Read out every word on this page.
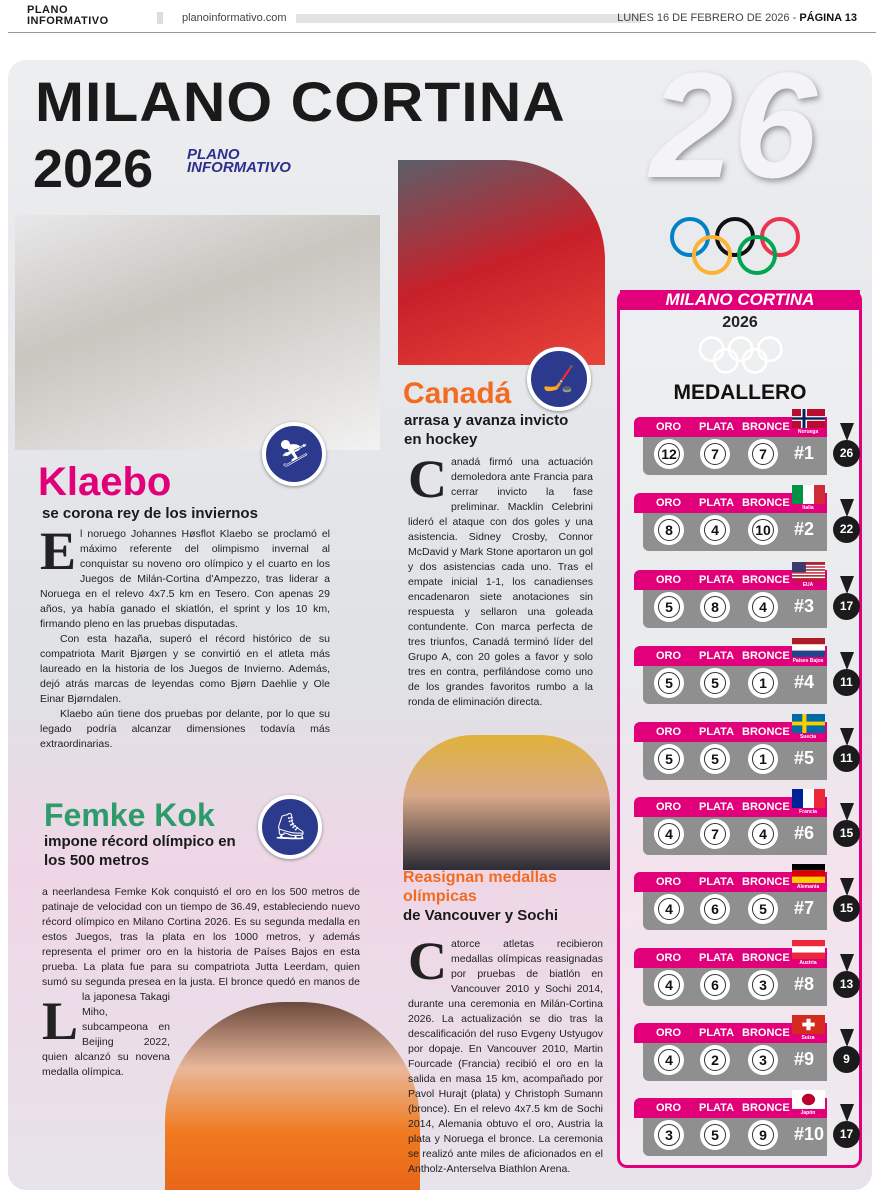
PLANO INFORMATIVO	planoinformativo.com	LUNES 16 DE FEBRERO DE 2026 - PÁGINA 13
MILANO CORTINA
2026 PLANO INFORMATIVO	26
⛷
Klaebo
se corona rey de los inviernos

El noruego Johannes Høsflot Klaebo se proclamó el máximo referente del olimpismo invernal al conquistar su noveno oro olímpico y el cuarto en los Juegos de Milán-Cortina d'Ampezzo, tras liderar a Noruega en el relevo 4x7.5 km en Tesero. Con apenas 29 años, ya había ganado el skiatlón, el sprint y los 10 km, firmando pleno en las pruebas disputadas.

Con esta hazaña, superó el récord histórico de su compatriota Marit Bjørgen y se convirtió en el atleta más laureado en la historia de los Juegos de Invierno. Además, dejó atrás marcas de leyendas como Bjørn Daehlie y Ole Einar Bjørndalen.

Klaebo aún tiene dos pruebas por delante, por lo que su legado podría alcanzar dimensiones todavía más extraordinarias.

🏒
Canadá
arrasa y avanza invicto en hockey

Canadá firmó una actuación demoledora ante Francia para cerrar invicto la fase preliminar. Macklin Celebrini lideró el ataque con dos goles y una asistencia. Sidney Crosby, Connor McDavid y Mark Stone aportaron un gol y dos asistencias cada uno. Tras el empate inicial 1-1, los canadienses encadenaron siete anotaciones sin respuesta y sellaron una goleada contundente. Con marca perfecta de tres triunfos, Canadá terminó líder del Grupo A, con 20 goles a favor y solo tres en contra, perfilándose como uno de los grandes favoritos rumbo a la ronda de eliminación directa.

Femke Kok
impone récord olímpico en los 500 metros
⛸

L
a neerlandesa Femke Kok conquistó el oro en los 500 metros de patinaje de velocidad con un tiempo de 36.49, estableciendo nuevo récord olímpico en Milano Cortina 2026. Es su segunda medalla en estos Juegos, tras la plata en los 1000 metros, y además representa el primer oro en la historia de Países Bajos en esta prueba. La plata fue para su compatriota Jutta Leerdam, quien sumó su segunda presea en la justa. El bronce quedó en manos de la japonesa Takagi Miho, subcampeona en Beijing 2022, quien alcanzó su novena medalla olímpica.

Reasignan medallas olímpicas
de Vancouver y Sochi

Catorce atletas recibieron medallas olímpicas reasignadas por pruebas de biatlón en Vancouver 2010 y Sochi 2014, durante una ceremonia en Milán-Cortina 2026. La actualización se dio tras la descalificación del ruso Evgeny Ustyugov por dopaje. En Vancouver 2010, Martin Fourcade (Francia) recibió el oro en la salida en masa 15 km, acompañado por Pavol Hurajt (plata) y Christoph Sumann (bronce). En el relevo 4x7.5 km de Sochi 2014, Alemania obtuvo el oro, Austria la plata y Noruega el bronce. La ceremonia se realizó ante miles de aficionados en el Antholz-Anterselva Biathlon Arena.

MILANO CORTINA
2026
MEDALLERO
ORO PLATA BRONCE
12	7	7
Noruega
#1	26
ORO PLATA BRONCE
8	4	10
Italia
#2	22
ORO PLATA BRONCE
5	8	4
EUA
#3	17
ORO PLATA BRONCE
5	5	1
Países Bajos
#4	11
ORO PLATA BRONCE
5	5	1
Suecia
#5	11
ORO PLATA BRONCE
4	7	4
Francia
#6	15
ORO PLATA BRONCE
4	6	5
Alemania
#7	15
ORO PLATA BRONCE
4	6	3
Austria
#8	13
ORO PLATA BRONCE
4	2	3
Suiza
#9	9
ORO PLATA BRONCE
3	5	9
Japón
#10	17
